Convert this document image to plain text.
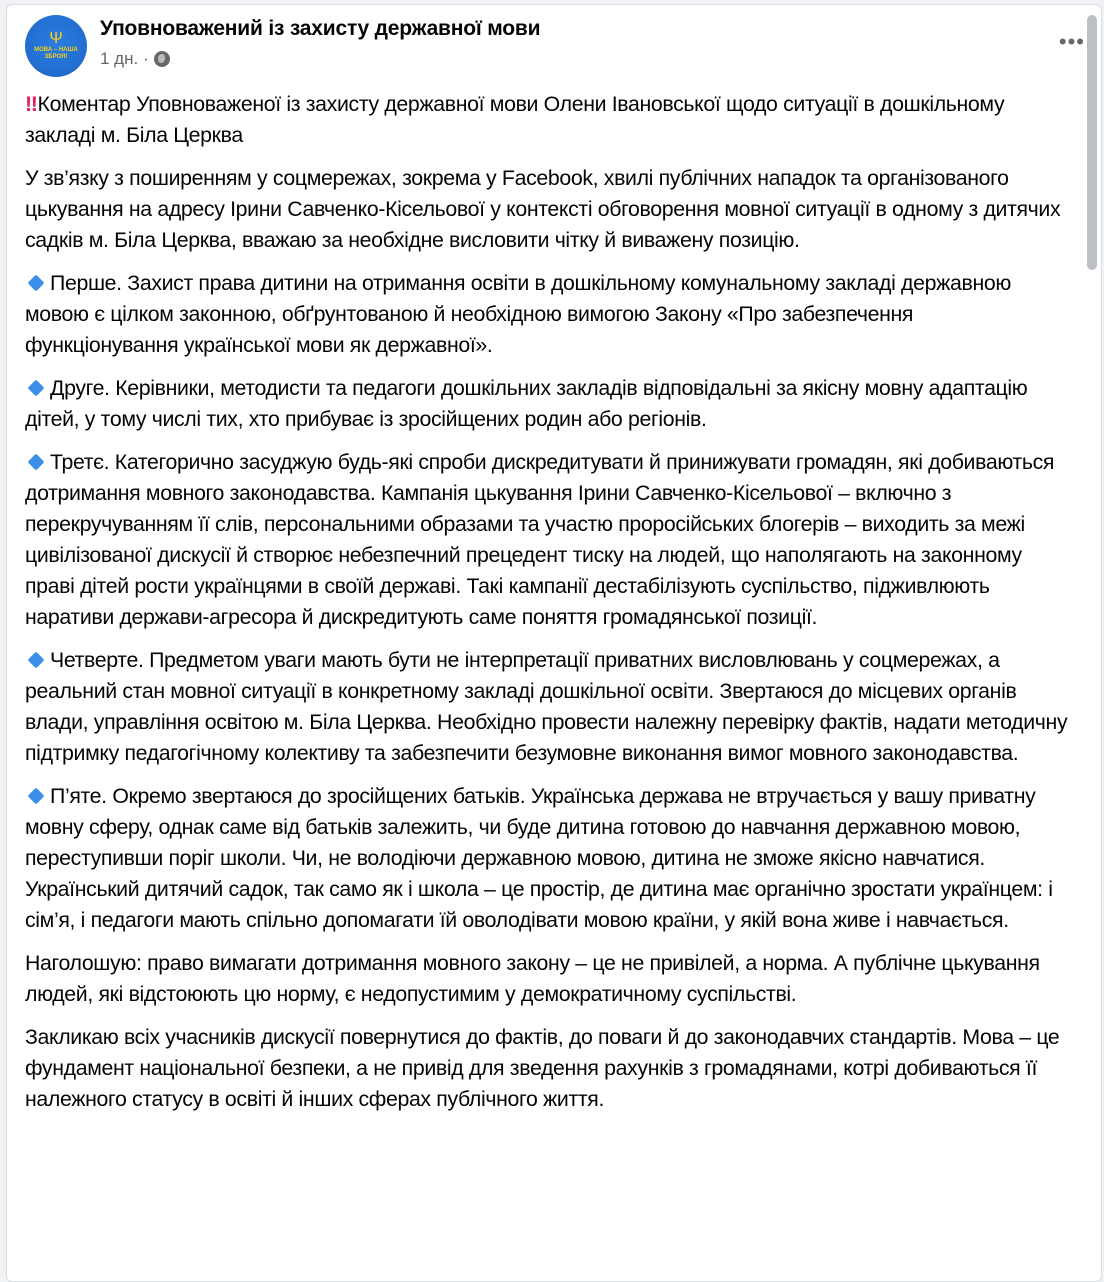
Ψ
МОВА – НАША ЗБРОЯ!
Уповноважений із захисту державної мови
1 дн. ·
•••

‼Коментар Уповноваженої із захисту державної мови Олени Івановської щодо ситуації в дошкільному закладі м. Біла Церква

У зв’язку з поширенням у соцмережах, зокрема у Facebook, хвилі публічних нападок та організованого цькування на адресу Ірини Савченко-Кісельової у контексті обговорення мовної ситуації в одному з дитячих садків м. Біла Церква, вважаю за необхідне висловити чітку й виважену позицію.

Перше. Захист права дитини на отримання освіти в дошкільному комунальному закладі державною мовою є цілком законною, обґрунтованою й необхідною вимогою Закону «Про забезпечення функціонування української мови як державної».

Друге. Керівники, методисти та педагоги дошкільних закладів відповідальні за якісну мовну адаптацію дітей, у тому числі тих, хто прибуває із зросійщених родин або регіонів.

Третє. Категорично засуджую будь-які спроби дискредитувати й принижувати громадян, які добиваються дотримання мовного законодавства. Кампанія цькування Ірини Савченко-Кісельової – включно з перекручуванням її слів, персональними образами та участю проросійських блогерів – виходить за межі цивілізованої дискусії й створює небезпечний прецедент тиску на людей, що наполягають на законному праві дітей рости українцями в своїй державі. Такі кампанії дестабілізують суспільство, підживлюють наративи держави-агресора й дискредитують саме поняття громадянської позиції.

Четверте. Предметом уваги мають бути не інтерпретації приватних висловлювань у соцмережах, а реальний стан мовної ситуації в конкретному закладі дошкільної освіти. Звертаюся до місцевих органів влади, управління освітою м. Біла Церква. Необхідно провести належну перевірку фактів, надати методичну підтримку педагогічному колективу та забезпечити безумовне виконання вимог мовного законодавства.

П’яте. Окремо звертаюся до зросійщених батьків. Українська держава не втручається у вашу приватну мовну сферу, однак саме від батьків залежить, чи буде дитина готовою до навчання державною мовою, переступивши поріг школи. Чи, не володіючи державною мовою, дитина не зможе якісно навчатися. Український дитячий садок, так само як і школа – це простір, де дитина має органічно зростати українцем: і сім’я, і педагоги мають спільно допомагати їй оволодівати мовою країни, у якій вона живе і навчається.

Наголошую: право вимагати дотримання мовного закону – це не привілей, а норма. А публічне цькування людей, які відстоюють цю норму, є недопустимим у демократичному суспільстві.

Закликаю всіх учасників дискусії повернутися до фактів, до поваги й до законодавчих стандартів. Мова – це фундамент національної безпеки, а не привід для зведення рахунків з громадянами, котрі добиваються її належного статусу в освіті й інших сферах публічного життя.
